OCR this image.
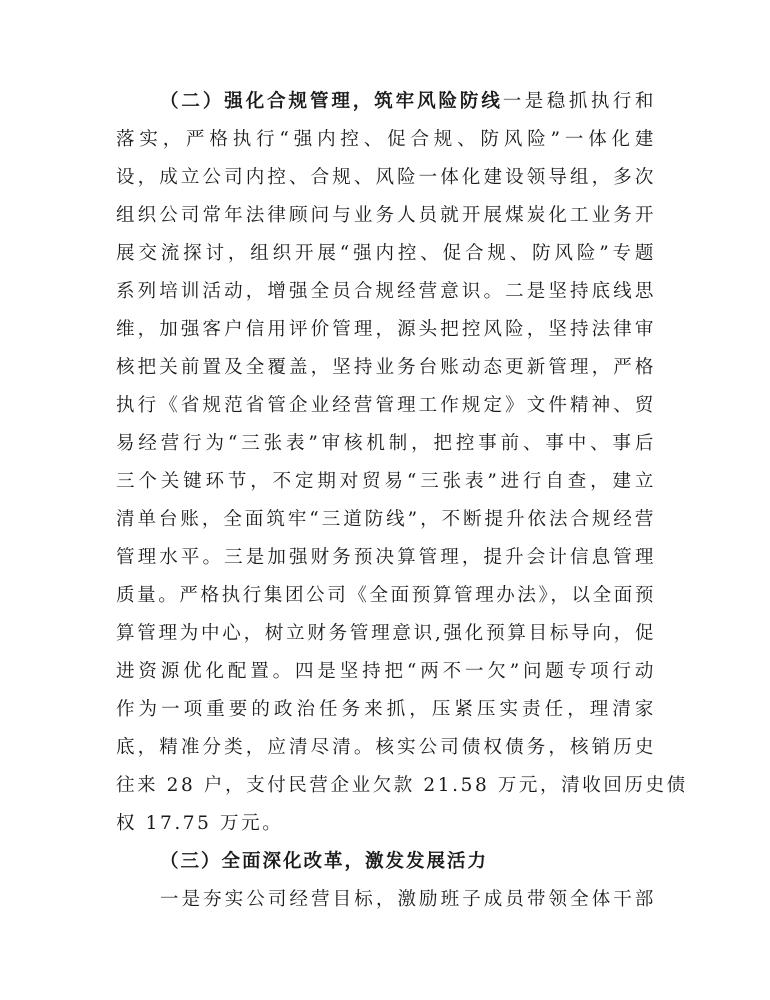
（二）强化合规管理，筑牢风险防线一是稳抓执行和
落实，严格执行“强内控、促合规、防风险”一体化建
设，成立公司内控、合规、风险一体化建设领导组，多次
组织公司常年法律顾问与业务人员就开展煤炭化工业务开
展交流探讨，组织开展“强内控、促合规、防风险”专题
系列培训活动，增强全员合规经营意识。二是坚持底线思
维，加强客户信用评价管理，源头把控风险，坚持法律审
核把关前置及全覆盖，坚持业务台账动态更新管理，严格
执行《省规范省管企业经营管理工作规定》文件精神、贸
易经营行为“三张表”审核机制，把控事前、事中、事后
三个关键环节，不定期对贸易“三张表”进行自查，建立
清单台账，全面筑牢“三道防线”，不断提升依法合规经营
管理水平。三是加强财务预决算管理，提升会计信息管理
质量。严格执行集团公司《全面预算管理办法》，以全面预
算管理为中心，树立财务管理意识,强化预算目标导向，促
进资源优化配置。四是坚持把“两不一欠”问题专项行动
作为一项重要的政治任务来抓，压紧压实责任，理清家
底，精准分类，应清尽清。核实公司债权债务，核销历史
往来 28 户，支付民营企业欠款 21.58 万元，清收回历史债
权 17.75 万元。
（三）全面深化改革，激发发展活力
一是夯实公司经营目标，激励班子成员带领全体干部
